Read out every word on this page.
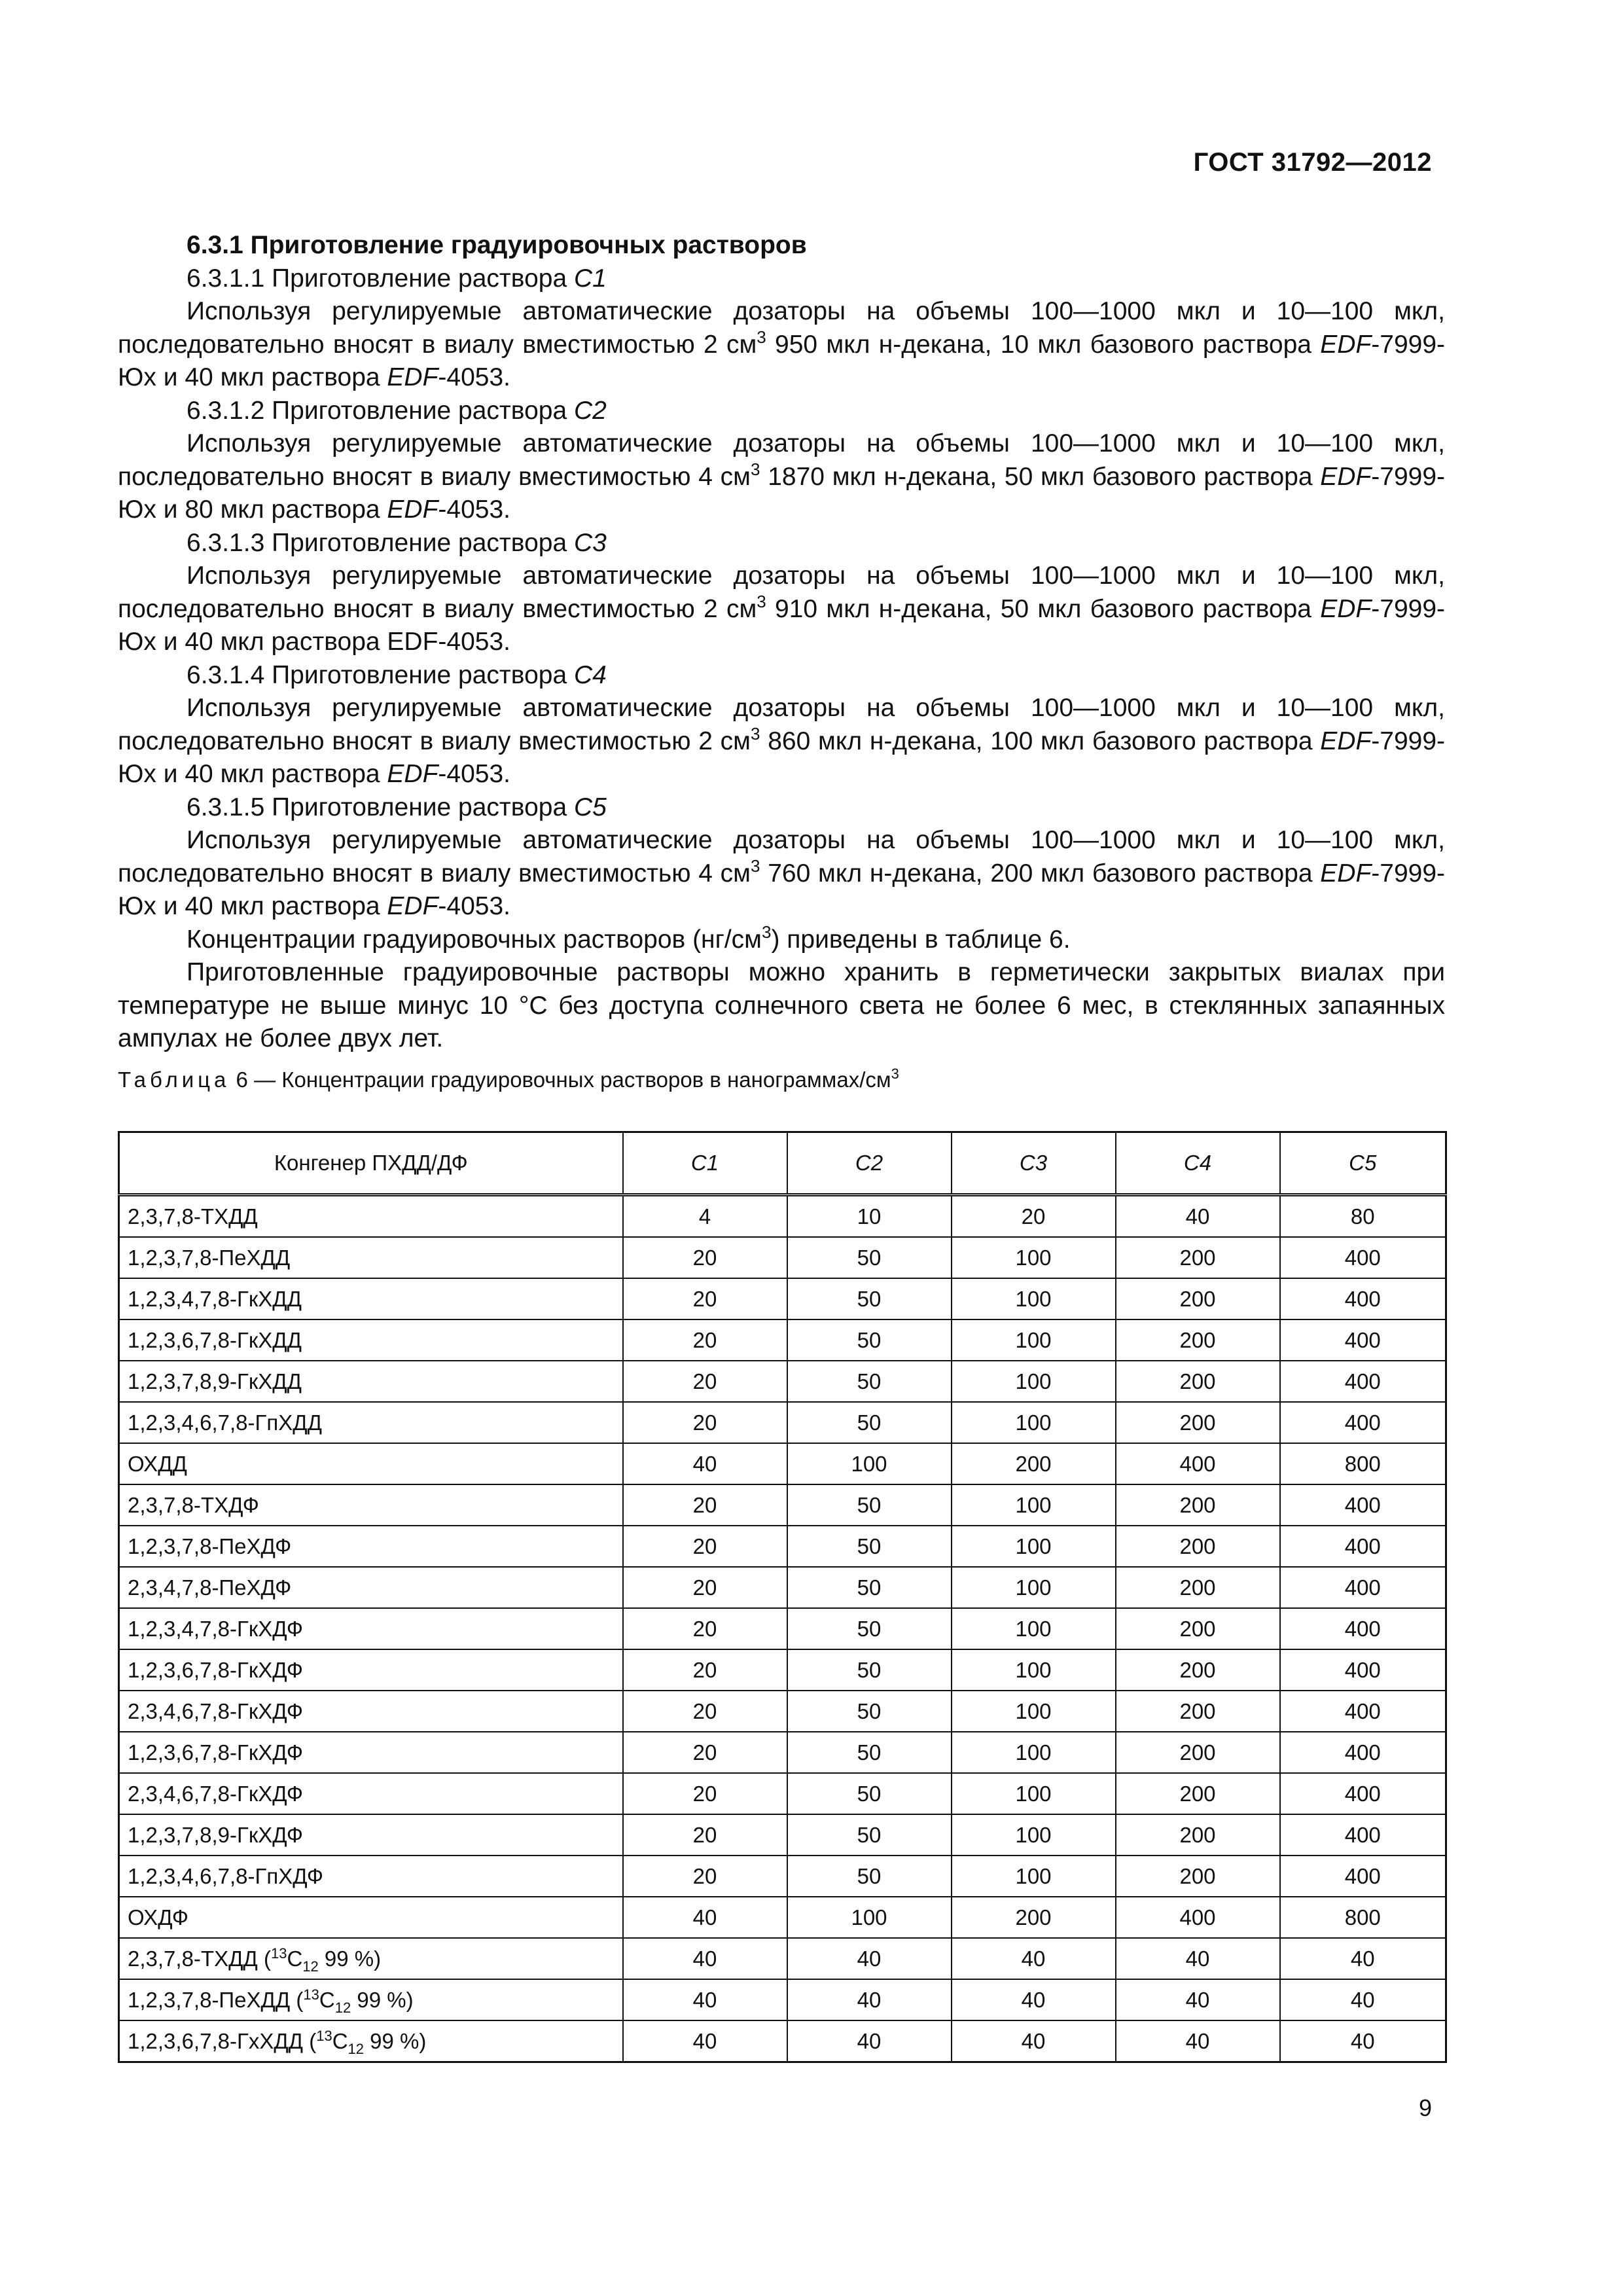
ГОСТ 31792—2012

6.3.1 Приготовление градуировочных растворов

6.3.1.1 Приготовление раствора C1

Используя регулируемые автоматические дозаторы на объемы 100—1000 мкл и 10—100 мкл, последовательно вносят в виалу вместимостью 2 $см^3$ 950 мкл н-декана, 10 мкл базового раствора EDF-7999-Юх и 40 мкл раствора EDF-4053.

6.3.1.2 Приготовление раствора C2

Используя регулируемые автоматические дозаторы на объемы 100—1000 мкл и 10—100 мкл, последовательно вносят в виалу вместимостью 4 $см^3$ 1870 мкл н-декана, 50 мкл базового раствора EDF-7999-Юх и 80 мкл раствора EDF-4053.

6.3.1.3 Приготовление раствора C3

Используя регулируемые автоматические дозаторы на объемы 100—1000 мкл и 10—100 мкл, последовательно вносят в виалу вместимостью 2 $см^3$ 910 мкл н-декана, 50 мкл базового раствора EDF-7999-Юх и 40 мкл раствора EDF-4053.

6.3.1.4 Приготовление раствора C4

Используя регулируемые автоматические дозаторы на объемы 100—1000 мкл и 10—100 мкл, последовательно вносят в виалу вместимостью 2 $см^3$ 860 мкл н-декана, 100 мкл базового раствора EDF-7999-Юх и 40 мкл раствора EDF-4053.

6.3.1.5 Приготовление раствора C5

Используя регулируемые автоматические дозаторы на объемы 100—1000 мкл и 10—100 мкл, последовательно вносят в виалу вместимостью 4 $см^3$ 760 мкл н-декана, 200 мкл базового раствора EDF-7999-Юх и 40 мкл раствора EDF-4053.

Концентрации градуировочных растворов $(нг/см^3)$ приведены в таблице 6.

Приготовленные градуировочные растворы можно хранить в герметически закрытых виалах при температуре не выше минус 10 °С без доступа солнечного света не более 6 мес, в стеклянных запаянных ампулах не более двух лет.

Таблица 6 — Концентрации градуировочных растворов в нанограммах/$см^3$
Конгенер ПХДД/ДФ	C1	C2	C3	C4	C5
2,3,7,8-ТХДД	4	10	20	40	80
1,2,3,7,8-ПеХДД	20	50	100	200	400
1,2,3,4,7,8-ГкХДД	20	50	100	200	400
1,2,3,6,7,8-ГкХДД	20	50	100	200	400
1,2,3,7,8,9-ГкХДД	20	50	100	200	400
1,2,3,4,6,7,8-ГпХДД	20	50	100	200	400
ОХДД	40	100	200	400	800
2,3,7,8-ТХДФ	20	50	100	200	400
1,2,3,7,8-ПеХДФ	20	50	100	200	400
2,3,4,7,8-ПеХДФ	20	50	100	200	400
1,2,3,4,7,8-ГкХДФ	20	50	100	200	400
1,2,3,6,7,8-ГкХДФ	20	50	100	200	400
2,3,4,6,7,8-ГкХДФ	20	50	100	200	400
1,2,3,6,7,8-ГкХДФ	20	50	100	200	400
2,3,4,6,7,8-ГкХДФ	20	50	100	200	400
1,2,3,7,8,9-ГкХДФ	20	50	100	200	400
1,2,3,4,6,7,8-ГпХДФ	20	50	100	200	400
ОХДФ	40	100	200	400	800
2,3,7,8-ТХДД ($^{13}C_{12}$ 99 %)	40	40	40	40	40
1,2,3,7,8-ПеХДД ($^{13}C_{12}$ 99 %)	40	40	40	40	40
1,2,3,6,7,8-ГхХДД ($^{13}C_{12}$ 99 %)	40	40	40	40	40
9
